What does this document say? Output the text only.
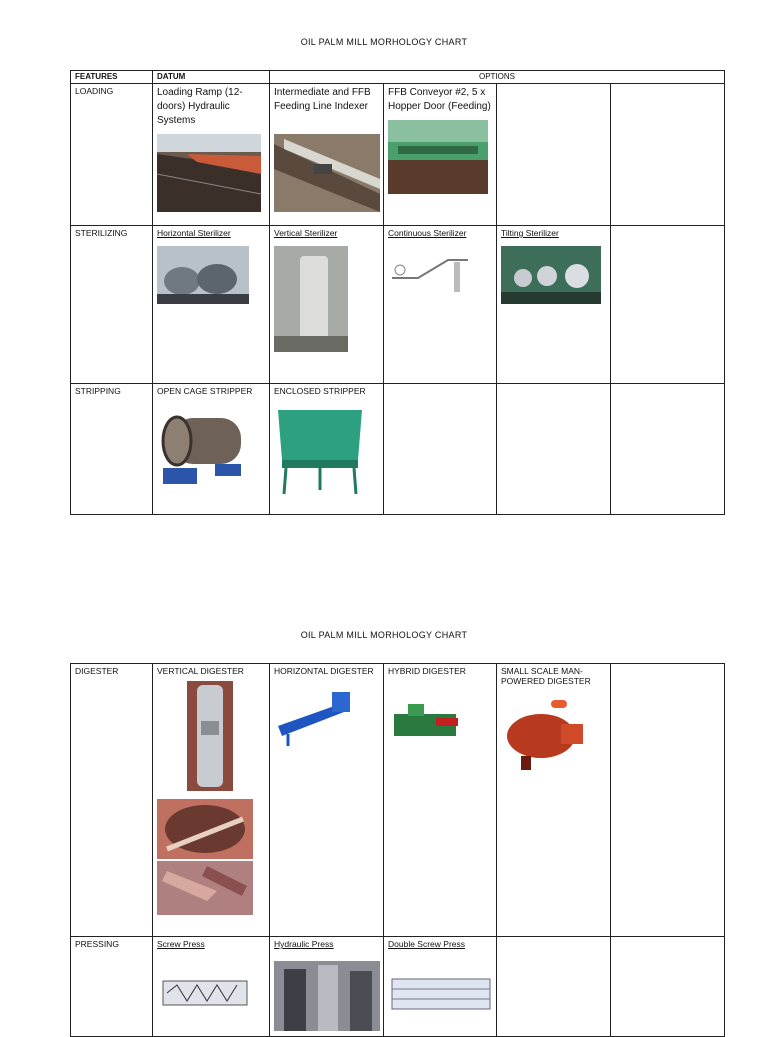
OIL PALM MILL MORHOLOGY CHART
FEATURES	DATUM	OPTIONS			
LOADING	Loading Ramp (12-doors) Hydraulic Systems	Intermediate and FFB Feeding Line Indexer	FFB Conveyor #2, 5 x Hopper Door (Feeding)		

STERILIZING	Horizontal Sterilizer	Vertical Sterilizer	Continuous Sterilizer	Tilting Sterilizer	

STRIPPING	OPEN CAGE STRIPPER	ENCLOSED STRIPPER			

OIL PALM MILL MORHOLOGY CHART
DIGESTER	VERTICAL DIGESTER	HORIZONTAL DIGESTER	HYBRID DIGESTER	SMALL SCALE MAN-POWERED DIGESTER	

PRESSING	Screw Press	Hydraulic Press	Double Screw Press		
